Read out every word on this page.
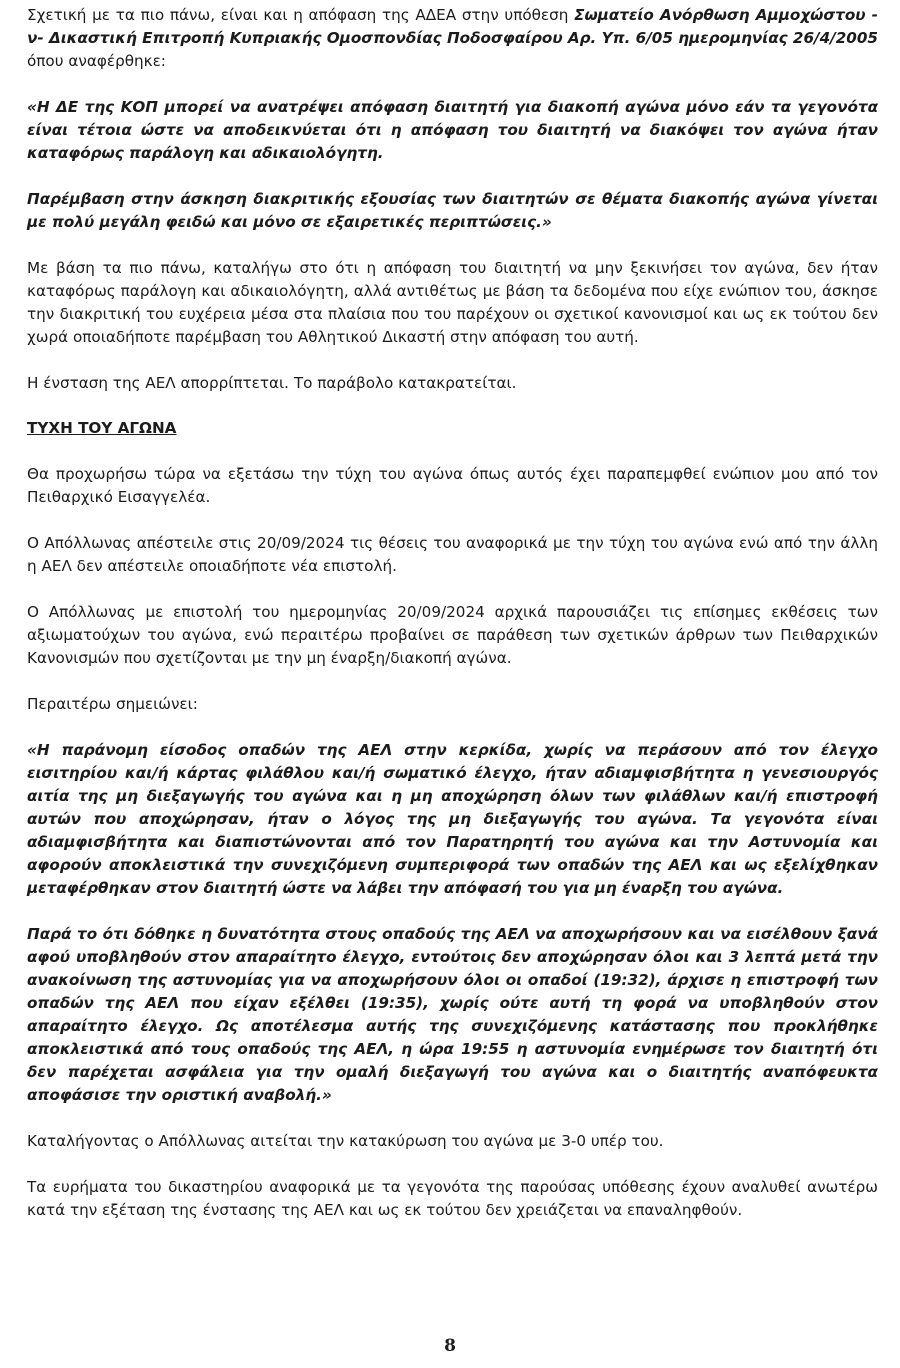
Σχετική με τα πιο πάνω, είναι και η απόφαση της ΑΔΕΑ στην υπόθεση Σωματείο Ανόρθωση Αμμοχώστου - ν- Δικαστική Επιτροπή Κυπριακής Ομοσπονδίας Ποδοσφαίρου Αρ. Υπ. 6/05 ημερομηνίας 26/4/2005 όπου αναφέρθηκε:

«Η ΔΕ της ΚΟΠ μπορεί να ανατρέψει απόφαση διαιτητή για διακοπή αγώνα μόνο εάν τα γεγονότα είναι τέτοια ώστε να αποδεικνύεται ότι η απόφαση του διαιτητή να διακόψει τον αγώνα ήταν καταφόρως παράλογη και αδικαιολόγητη.

Παρέμβαση στην άσκηση διακριτικής εξουσίας των διαιτητών σε θέματα διακοπής αγώνα γίνεται με πολύ μεγάλη φειδώ και μόνο σε εξαιρετικές περιπτώσεις.»

Με βάση τα πιο πάνω, καταλήγω στο ότι η απόφαση του διαιτητή να μην ξεκινήσει τον αγώνα, δεν ήταν καταφόρως παράλογη και αδικαιολόγητη, αλλά αντιθέτως με βάση τα δεδομένα που είχε ενώπιον του, άσκησε την διακριτική του ευχέρεια μέσα στα πλαίσια που του παρέχουν οι σχετικοί κανονισμοί και ως εκ τούτου δεν χωρά οποιαδήποτε παρέμβαση του Αθλητικού Δικαστή στην απόφαση του αυτή.

Η ένσταση της ΑΕΛ απορρίπτεται. Το παράβολο κατακρατείται.

ΤΥΧΗ ΤΟΥ ΑΓΩΝΑ

Θα προχωρήσω τώρα να εξετάσω την τύχη του αγώνα όπως αυτός έχει παραπεμφθεί ενώπιον μου από τον Πειθαρχικό Εισαγγελέα.

Ο Απόλλωνας απέστειλε στις 20/09/2024 τις θέσεις του αναφορικά με την τύχη του αγώνα ενώ από την άλλη η ΑΕΛ δεν απέστειλε οποιαδήποτε νέα επιστολή.

Ο Απόλλωνας με επιστολή του ημερομηνίας 20/09/2024 αρχικά παρουσιάζει τις επίσημες εκθέσεις των αξιωματούχων του αγώνα, ενώ περαιτέρω προβαίνει σε παράθεση των σχετικών άρθρων των Πειθαρχικών Κανονισμών που σχετίζονται με την μη έναρξη/διακοπή αγώνα.

Περαιτέρω σημειώνει:

«Η παράνομη είσοδος οπαδών της ΑΕΛ στην κερκίδα, χωρίς να περάσουν από τον έλεγχο εισιτηρίου και/ή κάρτας φιλάθλου και/ή σωματικό έλεγχο, ήταν αδιαμφισβήτητα η γενεσιουργός αιτία της μη διεξαγωγής του αγώνα και η μη αποχώρηση όλων των φιλάθλων και/ή επιστροφή αυτών που αποχώρησαν, ήταν ο λόγος της μη διεξαγωγής του αγώνα. Τα γεγονότα είναι αδιαμφισβήτητα και διαπιστώνονται από τον Παρατηρητή του αγώνα και την Αστυνομία και αφορούν αποκλειστικά την συνεχιζόμενη συμπεριφορά των οπαδών της ΑΕΛ και ως εξελίχθηκαν μεταφέρθηκαν στον διαιτητή ώστε να λάβει την απόφασή του για μη έναρξη του αγώνα.

Παρά το ότι δόθηκε η δυνατότητα στους οπαδούς της ΑΕΛ να αποχωρήσουν και να εισέλθουν ξανά αφού υποβληθούν στον απαραίτητο έλεγχο, εντούτοις δεν αποχώρησαν όλοι και 3 λεπτά μετά την ανακοίνωση της αστυνομίας για να αποχωρήσουν όλοι οι οπαδοί (19:32), άρχισε η επιστροφή των οπαδών της ΑΕΛ που είχαν εξέλθει (19:35), χωρίς ούτε αυτή τη φορά να υποβληθούν στον απαραίτητο έλεγχο. Ως αποτέλεσμα αυτής της συνεχιζόμενης κατάστασης που προκλήθηκε αποκλειστικά από τους οπαδούς της ΑΕΛ, η ώρα 19:55 η αστυνομία ενημέρωσε τον διαιτητή ότι δεν παρέχεται ασφάλεια για την ομαλή διεξαγωγή του αγώνα και ο διαιτητής αναπόφευκτα αποφάσισε την οριστική αναβολή.»

Καταλήγοντας ο Απόλλωνας αιτείται την κατακύρωση του αγώνα με 3-0 υπέρ του.

Τα ευρήματα του δικαστηρίου αναφορικά με τα γεγονότα της παρούσας υπόθεσης έχουν αναλυθεί ανωτέρω κατά την εξέταση της ένστασης της ΑΕΛ και ως εκ τούτου δεν χρειάζεται να επαναληφθούν.

8
